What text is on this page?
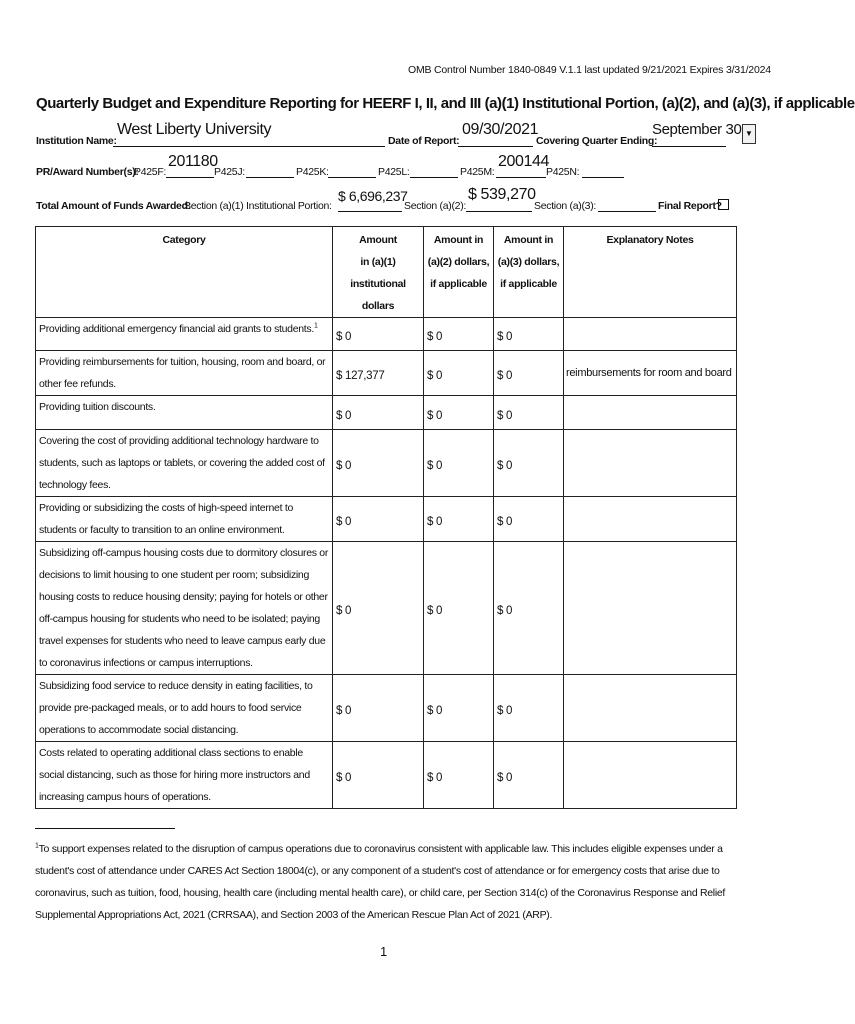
OMB Control Number 1840-0849 V.1.1 last updated 9/21/2021 Expires 3/31/2024
Quarterly Budget and Expenditure Reporting for HEERF I, II, and III (a)(1) Institutional Portion, (a)(2), and (a)(3), if applicable
Institution Name:
West Liberty University
Date of Report:
09/30/2021
Covering Quarter Ending:
September 30 ▼
PR/Award Number(s):
P425F:
201180
P425J:	P425K:	P425L:	P425M:
200144
P425N:
Total Amount of Funds Awarded:
Section (a)(1) Institutional Portion:
$ 6,696,237
Section (a)(2):
$ 539,270
Section (a)(3):	Final Report?
Category	Amount
in (a)(1)
institutional dollars	Amount in
(a)(2) dollars,
if applicable	Amount in
(a)(3) dollars,
if applicable	Explanatory Notes
Providing additional emergency financial aid grants to students.$^1$	$ 0	$ 0	$ 0	
Providing reimbursements for tuition, housing, room and board, or other fee refunds.	$ 127,377	$ 0	$ 0	reimbursements for room and board
Providing tuition discounts.	$ 0	$ 0	$ 0	
Covering the cost of providing additional technology hardware to students, such as laptops or tablets, or covering the added cost of technology fees.	$ 0	$ 0	$ 0	
Providing or subsidizing the costs of high-speed internet to students or faculty to transition to an online environment.	$ 0	$ 0	$ 0	
Subsidizing off-campus housing costs due to dormitory closures or decisions to limit housing to one student per room; subsidizing housing costs to reduce housing density; paying for hotels or other off-campus housing for students who need to be isolated; paying travel expenses for students who need to leave campus early due to coronavirus infections or campus interruptions.	$ 0	$ 0	$ 0	
Subsidizing food service to reduce density in eating facilities, to provide pre-packaged meals, or to add hours to food service operations to accommodate social distancing.	$ 0	$ 0	$ 0	
Costs related to operating additional class sections to enable social distancing, such as those for hiring more instructors and increasing campus hours of operations.	$ 0	$ 0	$ 0	
$^1$To support expenses related to the disruption of campus operations due to coronavirus consistent with applicable law. This includes eligible expenses under a student's cost of attendance under CARES Act Section 18004(c), or any component of a student's cost of attendance or for emergency costs that arise due to coronavirus, such as tuition, food, housing, health care (including mental health care), or child care, per Section 314(c) of the Coronavirus Response and Relief Supplemental Appropriations Act, 2021 (CRRSAA), and Section 2003 of the American Rescue Plan Act of 2021 (ARP).
1
